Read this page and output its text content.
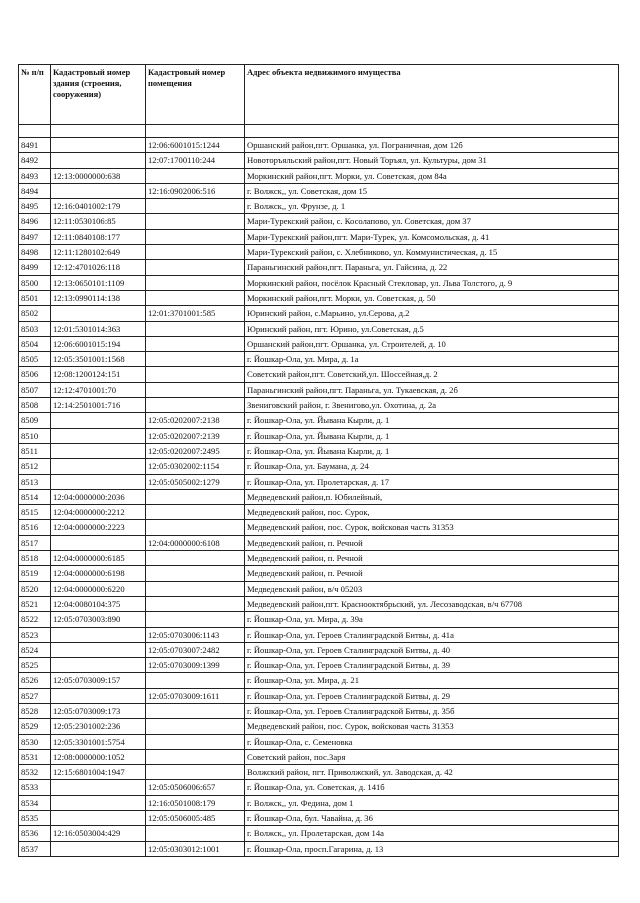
№ п/п	Кадастровый номер здания (строения, сооружения)	Кадастровый номер помещения	Адрес объекта недвижимого имущества

8491		12:06:6001015:1244	Оршанский район,пгт. Оршанка, ул. Пограничная, дом 12б
8492		12:07:1700110:244	Новоторъяльский район,пгт. Новый Торъял, ул. Культуры, дом 31
8493	12:13:0000000:638		Моркинский район,пгт. Морки, ул. Советская, дом 84а
8494		12:16:0902006:516	г. Волжск,, ул. Советская, дом 15
8495	12:16:0401002:179		г. Волжск,, ул. Фрунзе, д. 1
8496	12:11:0530106:85		Мари-Турекский район, с. Косолапово, ул. Советская, дом 37
8497	12:11:0840108:177		Мари-Турекский район,пгт. Мари-Турек, ул. Комсомольская, д. 41
8498	12:11:1280102:649		Мари-Турекский район, с. Хлебниково, ул. Коммунистическая, д. 15
8499	12:12:4701026:118		Параньгинский район,пгт. Параньга, ул. Гайсина, д. 22
8500	12:13:0650101:1109		Моркинский район, посёлок Красный Стекловар, ул. Льва Толстого, д. 9
8501	12:13:0990114:138		Моркинский район,пгт. Морки, ул. Советская, д. 50
8502		12:01:3701001:585	Юринский район, с.Марьино, ул.Серова, д.2
8503	12:01:5301014:363		Юринский район, пгт. Юрино, ул.Советская, д.5
8504	12:06:6001015:194		Оршанский район,пгт. Оршанка, ул. Строителей, д. 10
8505	12:05:3501001:1568		г. Йошкар-Ола, ул. Мира, д. 1а
8506	12:08:1200124:151		Советский район,пгт. Советский,ул. Шоссейная,д. 2
8507	12:12:4701001:70		Параньгинский район,пгт. Параньга, ул. Тукаевская, д. 2б
8508	12:14:2501001:716		Звениговский район, г. Звенигово,ул. Охотина, д. 2а
8509		12:05:0202007:2138	г. Йошкар-Ола, ул. Йывана Кырли, д. 1
8510		12:05:0202007:2139	г. Йошкар-Ола, ул. Йывана Кырли, д. 1
8511		12:05:0202007:2495	г. Йошкар-Ола, ул. Йывана Кырли, д. 1
8512		12:05:0302002:1154	г. Йошкар-Ола, ул. Баумана, д. 24
8513		12:05:0505002:1279	г. Йошкар-Ола, ул. Пролетарская, д. 17
8514	12:04:0000000:2036		Медведевский район,п. Юбилейный,
8515	12:04:0000000:2212		Медведевский район, пос. Сурок,
8516	12:04:0000000:2223		Медведевский район, пос. Сурок, войсковая часть 31353
8517		12:04:0000000:6108	Медведевский район, п. Речной
8518	12:04:0000000:6185		Медведевский район, п. Речной
8519	12:04:0000000:6198		Медведевский район, п. Речной
8520	12:04:0000000:6220		Медведевский район, в/ч 05203
8521	12:04:0080104:375		Медведевский район,пгт. Краснооктябрьский, ул. Лесозаводская, в/ч 67708
8522	12:05:0703003:890		г. Йошкар-Ола, ул. Мира, д. 39а
8523		12:05:0703006:1143	г. Йошкар-Ола, ул. Героев Сталинградской Битвы, д. 41а
8524		12:05:0703007:2482	г. Йошкар-Ола, ул. Героев Сталинградской Битвы, д. 40
8525		12:05:0703009:1399	г. Йошкар-Ола, ул. Героев Сталинградской Битвы, д. 39
8526	12:05:0703009:157		г. Йошкар-Ола, ул. Мира, д. 21
8527		12:05:0703009:1611	г. Йошкар-Ола, ул. Героев Сталинградской Битвы, д. 29
8528	12:05:0703009:173		г. Йошкар-Ола, ул. Героев Сталинградской Битвы, д. 35б
8529	12:05:2301002:236		Медведевский район, пос. Сурок, войсковая часть 31353
8530	12:05:3301001:5754		г. Йошкар-Ола, с. Семеновка
8531	12:08:0000000:1052		Советский район, пос.Заря
8532	12:15:6801004:1947		Волжский район, пгт. Приволжский, ул. Заводская, д. 42
8533		12:05:0506006:657	г. Йошкар-Ола, ул. Советская, д. 141б
8534		12:16:0501008:179	г. Волжск,, ул. Федина, дом 1
8535		12:05:0506005:485	г. Йошкар-Ола, бул. Чавайна, д. 36
8536	12:16:0503004:429		г. Волжск,, ул. Пролетарская, дом 14а
8537		12:05:0303012:1001	г. Йошкар-Ола, просп.Гагарина, д. 13
